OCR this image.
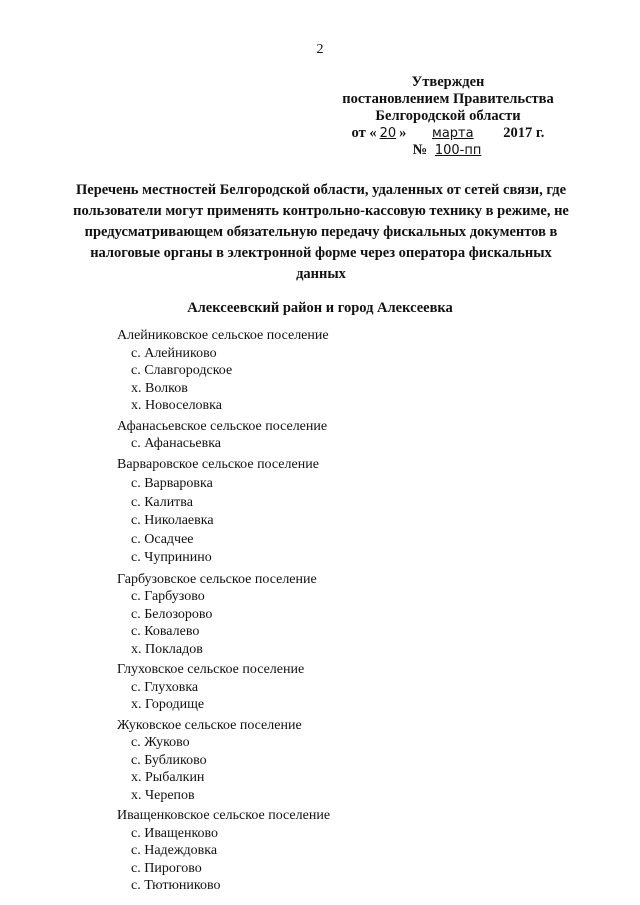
2
Утвержден
постановлением Правительства
Белгородской области
от « 20 » марта 2017 г.
№ 100-пп
Перечень местностей Белгородской области, удаленных от сетей связи, где пользователи могут применять контрольно-кассовую технику в режиме, не предусматривающем обязательную передачу фискальных документов в налоговые органы в электронной форме через оператора фискальных данных
Алексеевский район и город Алексеевка
Алейниковское сельское поселение
с. Алейниково
с. Славгородское
х. Волков
х. Новоселовка
Афанасьевское сельское поселение
с. Афанасьевка
Варваровское сельское поселение
с. Варваровка
с. Калитва
с. Николаевка
с. Осадчее
с. Чупринино
Гарбузовское сельское поселение
с. Гарбузово
с. Белозорово
с. Ковалево
х. Покладов
Глуховское сельское поселение
с. Глуховка
х. Городище
Жуковское сельское поселение
с. Жуково
с. Бубликово
х. Рыбалкин
х. Черепов
Иващенковское сельское поселение
с. Иващенково
с. Надеждовка
с. Пирогово
с. Тютюниково
